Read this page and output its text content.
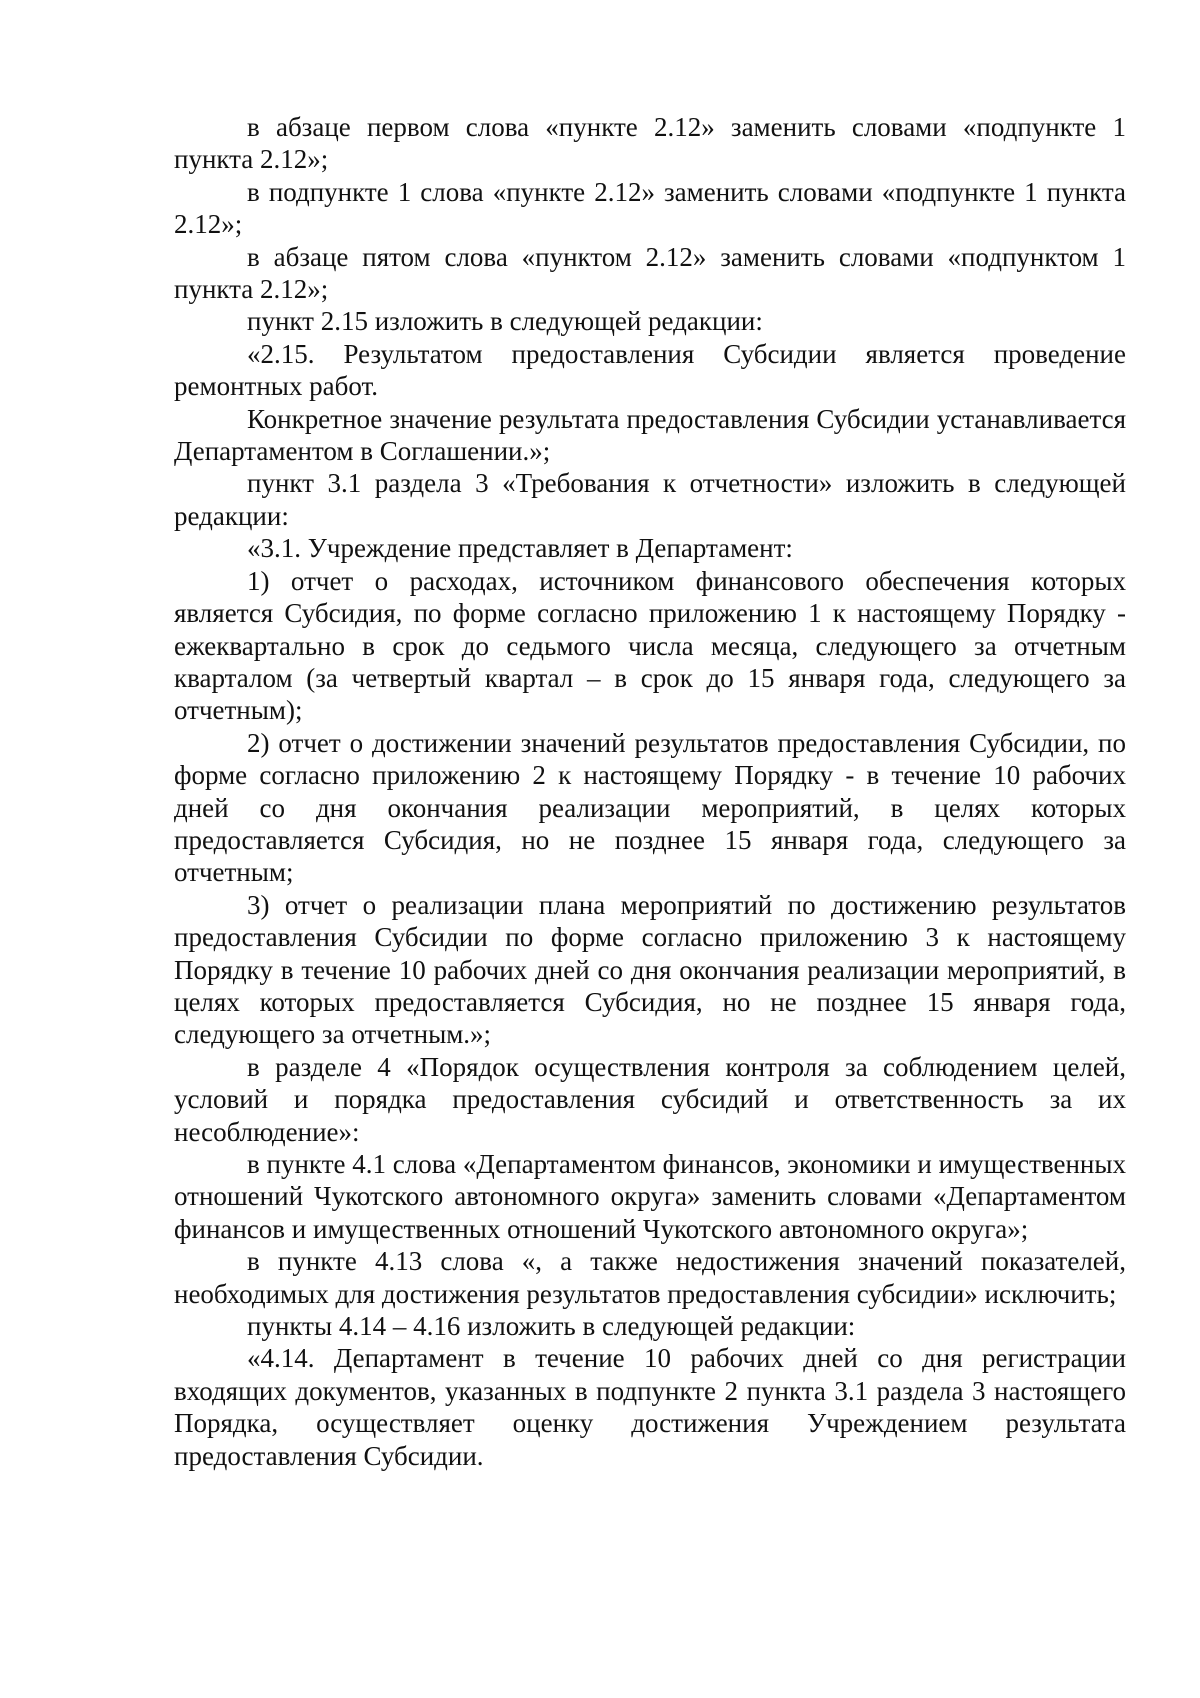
в абзаце первом слова «пункте 2.12» заменить словами «подпункте 1 пункта 2.12»;

в подпункте 1 слова «пункте 2.12» заменить словами «подпункте 1 пункта 2.12»;

в абзаце пятом слова «пунктом 2.12» заменить словами «подпунктом 1 пункта 2.12»;

пункт 2.15 изложить в следующей редакции:

«2.15. Результатом предоставления Субсидии является проведение ремонтных работ.

Конкретное значение результата предоставления Субсидии устанавливается Департаментом в Соглашении.»;

пункт 3.1 раздела 3 «Требования к отчетности» изложить в следующей редакции:

«3.1. Учреждение представляет в Департамент:

1) отчет о расходах, источником финансового обеспечения которых является Субсидия, по форме согласно приложению 1 к настоящему Порядку - ежеквартально в срок до седьмого числа месяца, следующего за отчетным кварталом (за четвертый квартал – в срок до 15 января года, следующего за отчетным);

2) отчет о достижении значений результатов предоставления Субсидии, по форме согласно приложению 2 к настоящему Порядку - в течение 10 рабочих дней со дня окончания реализации мероприятий, в целях которых предоставляется Субсидия, но не позднее 15 января года, следующего за отчетным;

3) отчет о реализации плана мероприятий по достижению результатов предоставления Субсидии по форме согласно приложению 3 к настоящему Порядку в течение 10 рабочих дней со дня окончания реализации мероприятий, в целях которых предоставляется Субсидия, но не позднее 15 января года, следующего за отчетным.»;

в разделе 4 «Порядок осуществления контроля за соблюдением целей, условий и порядка предоставления субсидий и ответственность за их несоблюдение»:

в пункте 4.1 слова «Департаментом финансов, экономики и имущественных отношений Чукотского автономного округа» заменить словами «Департаментом финансов и имущественных отношений Чукотского автономного округа»;

в пункте 4.13 слова «, а также недостижения значений показателей, необходимых для достижения результатов предоставления субсидии» исключить;

пункты 4.14 – 4.16 изложить в следующей редакции:

«4.14. Департамент в течение 10 рабочих дней со дня регистрации входящих документов, указанных в подпункте 2 пункта 3.1 раздела 3 настоящего Порядка, осуществляет оценку достижения Учреждением результата предоставления Субсидии.
